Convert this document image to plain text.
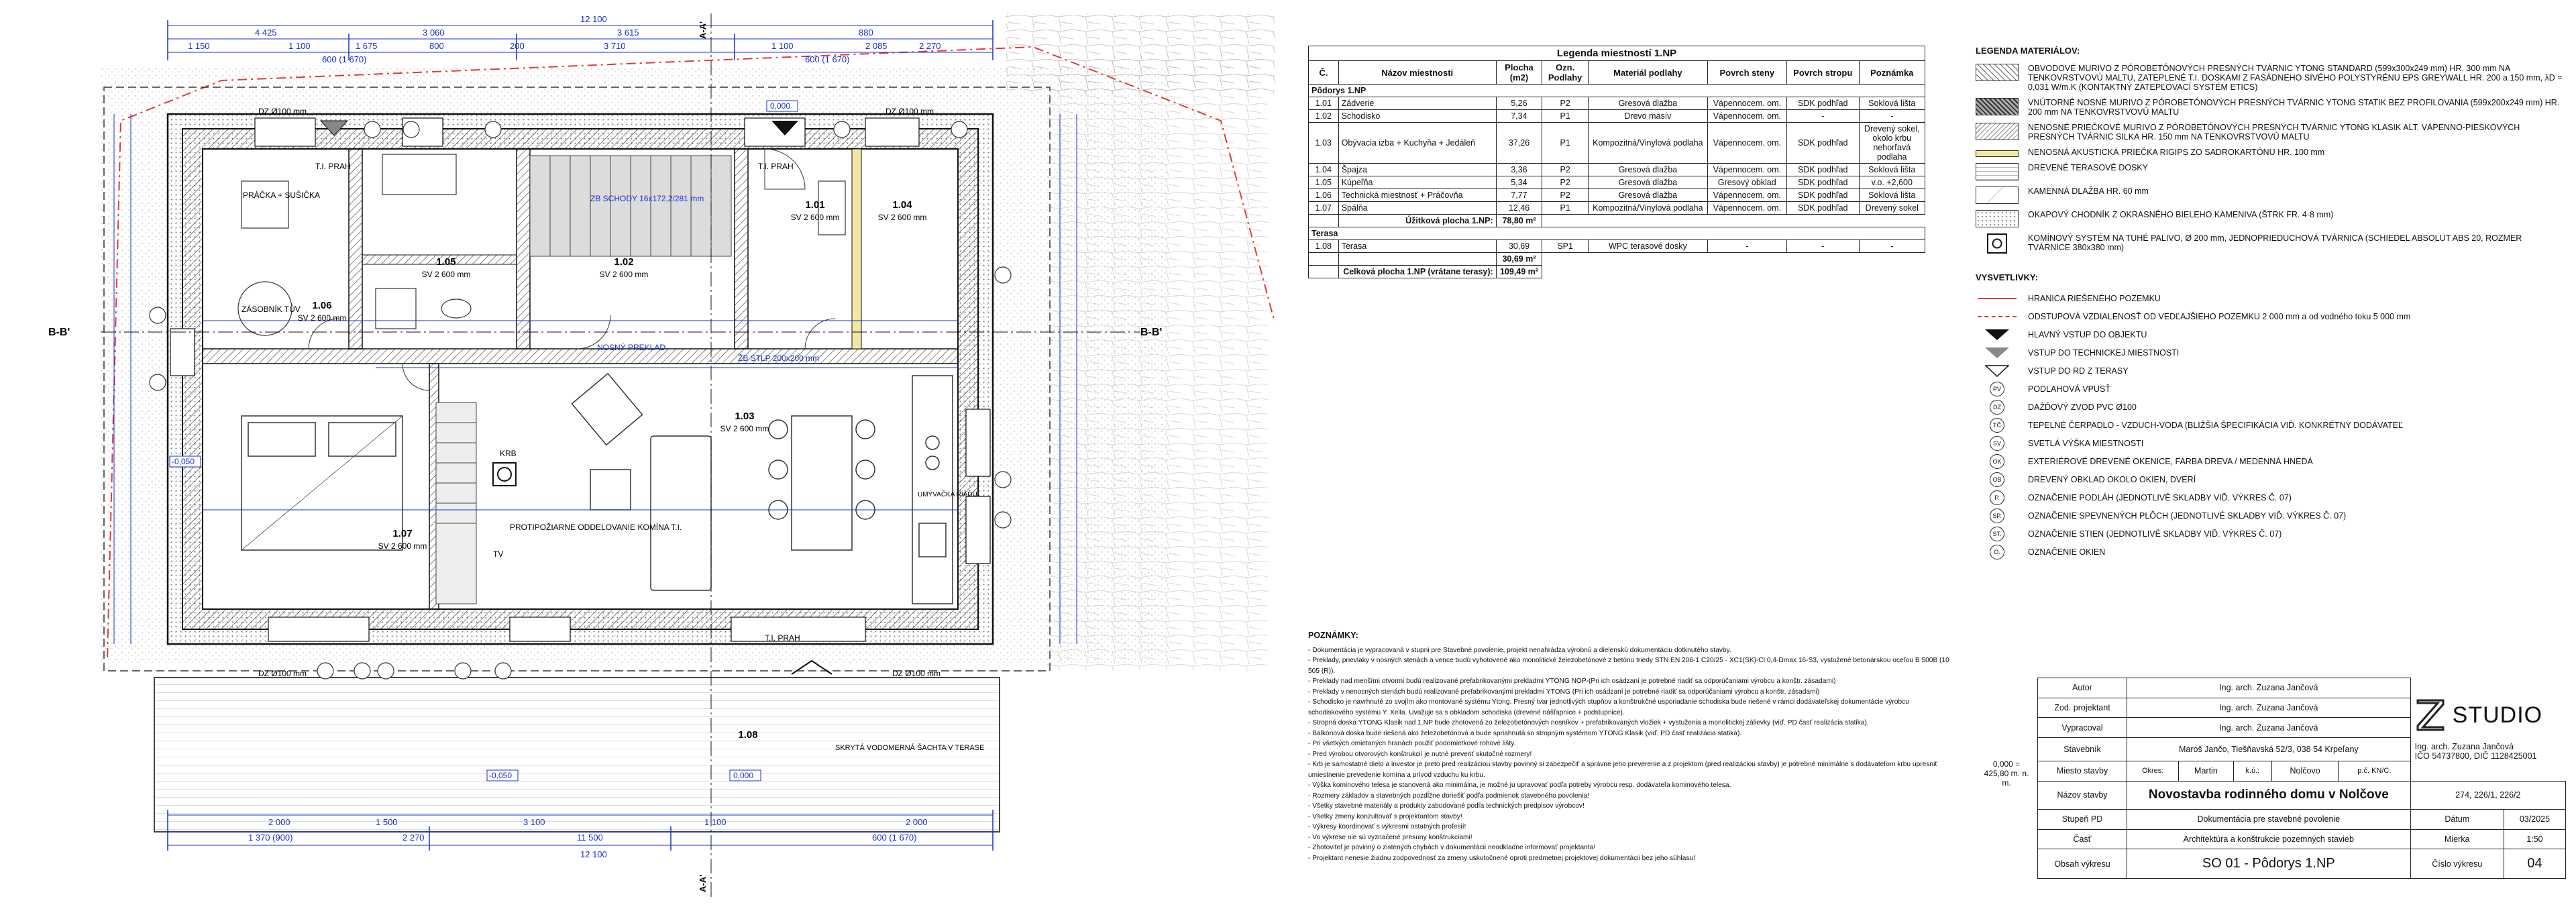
12 100
4 425	3 060	3 615	880
1 150	1 100	1 675	800	200	3 710	1 100	2 085	2 270
600 (1 670)
600 (1 670)
12 100
11 500
2 000	1 500	3 100	1 100	2 000
1 370 (900)	2 270	600 (1 670)
1.01
SV 2 600 mm
1.02
SV 2 600 mm
1.03
SV 2 600 mm
1.04
SV 2 600 mm
1.05
SV 2 600 mm
1.06
SV 2 600 mm
1.07
SV 2 600 mm
1.08
ZÁSOBNÍK TÚV
PRÁČKA + SUŠIČKA	ZB SCHODY 16x172,2/281 mm
NOSNÝ PREKLAD
ŽB STLP 200x200 mm
KRB
TV
PROTIPOŽIARNE ODDELOVANIE KOMÍNA T.I.
UMÝVAČKA RIADU
SKRYTÁ VODOMERNÁ ŠACHTA V TERASE
T.I. PRAH
T.I. PRAH
T.I. PRAH
DZ Ø100 mm	DZ Ø100 mm
DZ Ø100 mm	DZ Ø100 mm
0,000
-0,050
0,000
-0,050
B-B'	B-B'
A-A'
A-A'
Legenda miestností 1.NP							
Č.	Názov miestnosti	Plocha (m2)	Ozn. Podlahy	Materiál podlahy	Povrch steny	Povrch stropu	Poznámka
Pôdorys 1.NP							
1.01	Zádverie	5,26	P2	Gresová dlažba	Vápennocem. om.	SDK podhľad	Soklová lišta
1.02	Schodisko	7,34	P1	Drevo masív	Vápennocem. om.	-	-
1.03	Obývacia izba + Kuchyňa + Jedáleň	37,26	P1	Kompozitná/Vinylová podlaha	Vápennocem. om.	SDK podhľad	Drevený sokel, okolo krbu nehorľavá podlaha
1.04	Špajza	3,36	P2	Gresová dlažba	Vápennocem. om.	SDK podhľad	Soklová lišta
1.05	Kúpeľňa	5,34	P2	Gresová dlažba	Gresový obklad	SDK podhľad	v.o. +2,600
1.06	Technická miestnosť + Práčovňa	7,77	P2	Gresová dlažba	Vápennocem. om.	SDK podhľad	Soklová lišta
1.07	Spálňa	12,46	P1	Kompozitná/Vinylová podlaha	Vápennocem. om.	SDK podhľad	Drevený sokel
	Úžitková plocha 1.NP:	78,80 m²					
Terasa							
1.08	Terasa	30,69	SP1	WPC terasové dosky	-	-	-
		30,69 m²					
	Celková plocha 1.NP (vrátane terasy):	109,49 m²					
LEGENDA MATERIÁLOV:
OBVODOVÉ MURIVO Z PÓROBETÓNOVÝCH PRESNÝCH TVÁRNIC YTONG STANDARD (599x300x249 mm) HR. 300 mm NA TENKOVRSTVOVÚ MALTU, ZATEPLENÉ T.I. DOSKAMI Z FASÁDNEHO SIVÉHO POLYSTYRÉNU EPS GREYWALL HR. 200 a 150 mm, λD = 0,031 W/m.K (KONTAKTNÝ ZATEPĽOVACÍ SYSTÉM ETICS)
VNÚTORNÉ NOSNÉ MURIVO Z PÓROBETÓNOVÝCH PRESNÝCH TVÁRNIC YTONG STATIK BEZ PROFILOVANIA (599x200x249 mm) HR. 200 mm NA TENKOVRSTVOVÚ MALTU
NENOSNÉ PRIEČKOVÉ MURIVO Z PÓROBETÓNOVÝCH PRESNÝCH TVÁRNIC YTONG KLASIK ALT. VÁPENNO-PIESKOVÝCH PRESNÝCH TVÁRNIC SILKA HR. 150 mm NA TENKOVRSTVOVÚ MALTU
NENOSNÁ AKUSTICKÁ PRIEČKA RIGIPS ZO SADROKARTÓNU HR. 100 mm
DREVENÉ TERASOVÉ DOSKY
KAMENNÁ DLAŽBA HR. 60 mm
OKAPOVÝ CHODNÍK Z OKRASNÉHO BIELEHO KAMENIVA (ŠTRK FR. 4-8 mm)
KOMÍNOVÝ SYSTÉM NA TUHÉ PALIVO, Ø 200 mm, JEDNOPRIEDUCHOVÁ TVÁRNICA (SCHIEDEL ABSOLUT ABS 20, ROZMER TVÁRNICE 380x380 mm)
VYSVETLIVKY:
HRANICA RIEŠENÉHO POZEMKU
ODSTUPOVÁ VZDIALENOSŤ OD VEDĽAJŠIEHO POZEMKU 2 000 mm a od vodného toku 5 000 mm
HLAVNÝ VSTUP DO OBJEKTU
VSTUP DO TECHNICKEJ MIESTNOSTI
VSTUP DO RD Z TERASY
PV	PODLAHOVÁ VPUSŤ
DZ	DAŽĎOVÝ ZVOD PVC Ø100
TČ	TEPELNÉ ČERPADLO - VZDUCH-VODA (BLIŽŠIA ŠPECIFIKÁCIA VIĎ. KONKRÉTNY DODÁVATEĽ
SV	SVETLÁ VÝŠKA MIESTNOSTI
OK	EXTERIÉROVÉ DREVENÉ OKENICE, FARBA DREVA / MEDENNÁ HNEDÁ
OB	DREVENÝ OBKLAD OKOLO OKIEN, DVERÍ
P.	OZNAČENIE PODLÁH (JEDNOTLIVÉ SKLADBY VIĎ. VÝKRES Č. 07)
SP.	OZNAČENIE SPEVNENÝCH PLÔCH (JEDNOTLIVÉ SKLADBY VIĎ. VÝKRES Č. 07)
ST.	OZNAČENIE STIEN (JEDNOTLIVÉ SKLADBY VIĎ. VÝKRES Č. 07)
O.	OZNAČENIE OKIEN
POZNÁMKY:
- Dokumentácia je vypracovaná v stupni pre Stavebné povolenie, projekt nenahrádza výrobnú a dielenskú dokumentáciu dotknutého stavby.
- Preklady, prievlaky v nosných stenách a vence budú vyhotovené ako monolitické železobetónové z betónu triedy STN EN 206-1 C20/25 - XC1(SK)-Cl 0,4-Dmax 16-S3, vystužené betonárskou oceľou B 500B (10 505 (R)).
- Preklady nad menšími otvormi budú realizované prefabrikovanými prekladmi YTONG NOP-(Pri ich osádzaní je potrebné riadiť sa odporúčaniami výrobcu a konštr. zásadami)
- Preklady v nenosných stenách budú realizované prefabrikovanými prekladmi YTONG (Pri ich osádzaní je potrebné riadiť sa odporúčaniami výrobcu a konštr. zásadami)
- Schodisko je navrhnuté zo svojím ako montované systému Ytong. Presný tvar jednotlivých stupňov a konštrukčné usporiadanie schodiska bude riešené v rámci dodávateľskej dokumentácie výrobcu schodiskového systému Y. Xella. Uvažuje sa s obkladom schodiska (drevené nášľapnice + podstupnice).
- Stropná doska YTONG Klasik nad 1.NP bude zhotovená zo železobetónových nosníkov + prefabrikovaných vložiek + vystuženia a monolitickej zálievky (viď. PD časť realizácia statika).
- Balkónová doska bude riešená ako železobetónová a bude spriahnutá so stropným systémom YTONG Klasik (viď. PD časť realizácia statika).
- Pri všetkých omietaných hranách použiť podomietkové rohové lišty.
- Pred výrobou otvorových konštrukcií je nutné preveriť skutočné rozmery!
- Krb je samostatné dielo a investor je preto pred realizáciou stavby povinný si zabezpečiť a správne jeho preverenie a z projektom (pred realizáciou stavby) je potrebné minimálne s dodávateľom krbu upresniť umiestnenie prevedenie komína a prívod vzduchu ku krbu.
- Výška kominového telesa je stanovená ako minimálna, je možné ju upravovať podľa potreby výrobcu resp. dodávateľa kominového telesa.
- Rozmery základov a stavebných pozdĺžne doriešiť podľa podmienok stavebného povolenia!
- Všetky stavebné materiály a produkty zabudované podľa technických predpisov výrobcov!
- Všetky zmeny konzultovať s projektantom stavby!
- Výkresy koordinovať s výkresmi ostatných profesií!
- Vo výkrese nie sú vyznačené presuny konštrukciami!
- Zhotoviteľ je povinný o zistených chybách v dokumentácii neodkladne informovať projektanta!
- Projektant nenesie žiadnu zodpovednosť za zmeny uskutočnené oproti predmetnej projektovej dokumentácii bez jeho súhlasu!
	Autor	Ing. arch. Zuzana Jančová					STUDIO
Ing. arch. Zuzana Jančová
IČO 54737800, DIČ 1128425001	

	Zod. projektant	Ing. arch. Zuzana Jančová						
	Vypracoval	Ing. arch. Zuzana Jančová						
0,000 = 425,80 m. n. m.	Stavebník	Maroš Jančo, Tiešňavská 52/3, 038 54 Krpeľany						
	Miesto stavby	Okres:	Martin	k.ú.:	Nolčovo	p.č. KN/C:		
	Názov stavby	Novostavba rodinného domu v Nolčove					274, 226/1, 226/2	
	Stupeň PD	Dokumentácia pre stavebné povolenie					Dátum	03/2025
	Časť	Architektúra a konštrukcie pozemných stavieb					Mierka	1:50
	Obsah výkresu	SO 01 - Pôdorys 1.NP					Číslo výkresu	04
